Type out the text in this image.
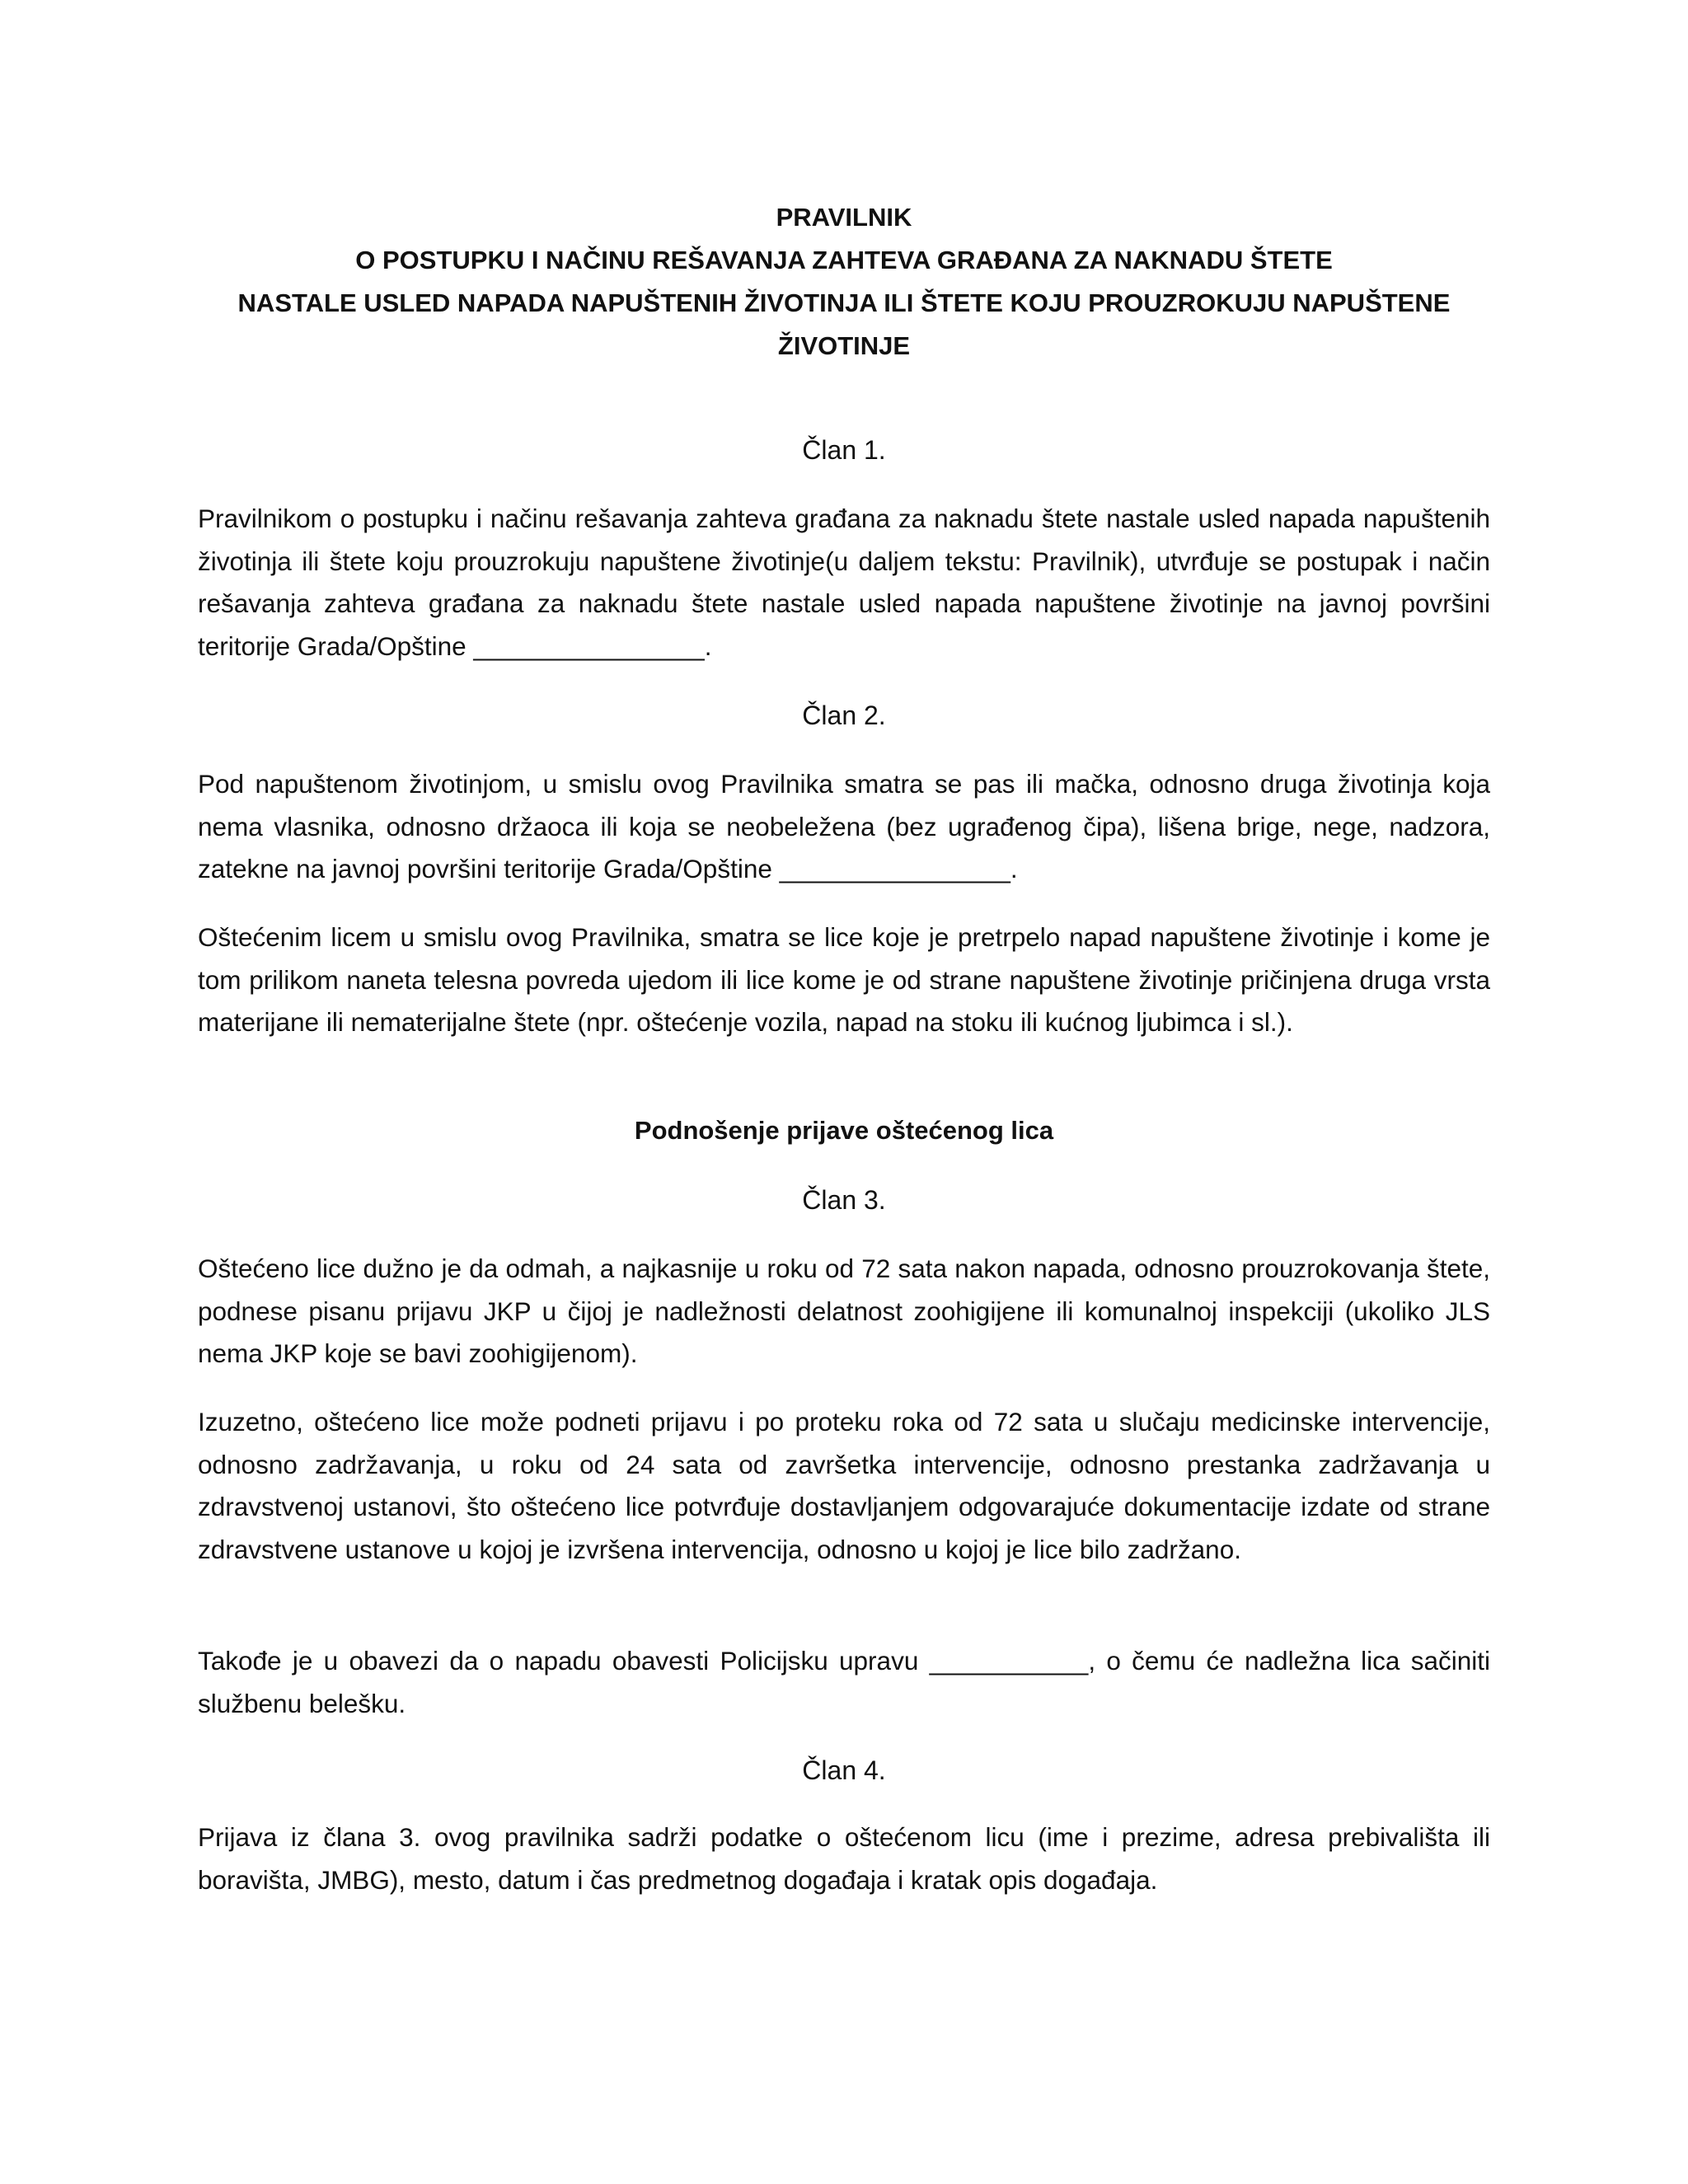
PRAVILNIK
O POSTUPKU I NAČINU REŠAVANJA ZAHTEVA GRAĐANA ZA NAKNADU ŠTETE
NASTALE USLED NAPADA NAPUŠTENIH ŽIVOTINJA ILI ŠTETE KOJU PROUZROKUJU NAPUŠTENE
ŽIVOTINJE
Član 1.

Pravilnikom o postupku i načinu rešavanja zahteva građana za naknadu štete nastale usled napada napuštenih životinja ili štete koju prouzrokuju napuštene životinje(u daljem tekstu: Pravilnik), utvrđuje se postupak i način rešavanja zahteva građana za naknadu štete nastale usled napada napuštene životinje na javnoj površini teritorije Grada/Opštine ________________.

Član 2.

Pod napuštenom životinjom, u smislu ovog Pravilnika smatra se pas ili mačka, odnosno druga životinja koja nema vlasnika, odnosno držaoca ili koja se neobeležena (bez ugrađenog čipa), lišena brige, nege, nadzora, zatekne na javnoj površini teritorije Grada/Opštine ________________.

Oštećenim licem u smislu ovog Pravilnika, smatra se lice koje je pretrpelo napad napuštene životinje i kome je tom prilikom naneta telesna povreda ujedom ili lice kome je od strane napuštene životinje pričinjena druga vrsta materijane ili nematerijalne štete (npr. oštećenje vozila, napad na stoku ili kućnog ljubimca i sl.).

Podnošenje prijave oštećenog lica
Član 3.

Oštećeno lice dužno je da odmah, a najkasnije u roku od 72 sata nakon napada, odnosno prouzrokovanja štete, podnese pisanu prijavu JKP u čijoj je nadležnosti delatnost zoohigijene ili komunalnoj inspekciji (ukoliko JLS nema JKP koje se bavi zoohigijenom).

Izuzetno, oštećeno lice može podneti prijavu i po proteku roka od 72 sata u slučaju medicinske intervencije, odnosno zadržavanja, u roku od 24 sata od završetka intervencije, odnosno prestanka zadržavanja u zdravstvenoj ustanovi, što oštećeno lice potvrđuje dostavljanjem odgovarajuće dokumentacije izdate od strane zdravstvene ustanove u kojoj je izvršena intervencija, odnosno u kojoj je lice bilo zadržano.

Takođe je u obavezi da o napadu obavesti Policijsku upravu ___________, o čemu će nadležna lica sačiniti službenu belešku.

Član 4.

Prijava iz člana 3. ovog pravilnika sadrži podatke o oštećenom licu (ime i prezime, adresa prebivališta ili boravišta, JMBG), mesto, datum i čas predmetnog događaja i kratak opis događaja.
